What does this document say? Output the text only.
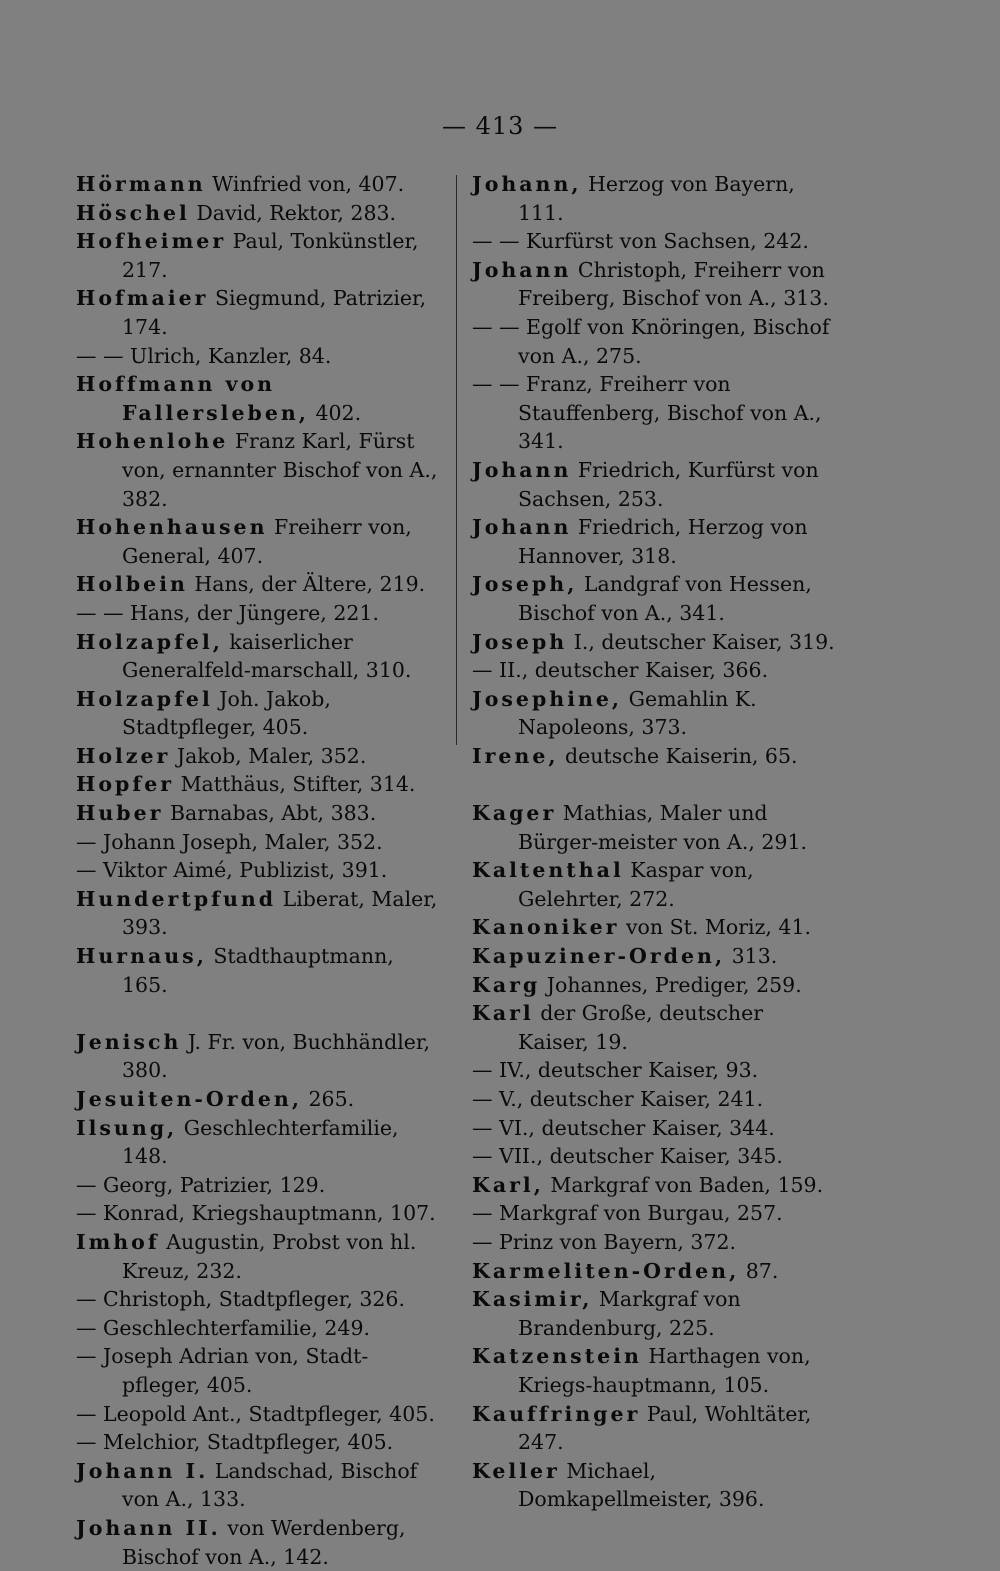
— 413 —
Hörmann Winfried von, 407.
Höschel David, Rektor, 283.
Hofheimer Paul, Tonkünstler, 217.
Hofmaier Siegmund, Patrizier, 174.
— — Ulrich, Kanzler, 84.
Hoffmann von Fallersleben, 402.
Hohenlohe Franz Karl, Fürst von, ernannter Bischof von A., 382.
Hohenhausen Freiherr von, General, 407.
Holbein Hans, der Ältere, 219.
— — Hans, der Jüngere, 221.
Holzapfel, kaiserlicher Generalfeld-marschall, 310.
Holzapfel Joh. Jakob, Stadtpfleger, 405.
Holzer Jakob, Maler, 352.
Hopfer Matthäus, Stifter, 314.
Huber Barnabas, Abt, 383.
— Johann Joseph, Maler, 352.
— Viktor Aimé, Publizist, 391.
Hundertpfund Liberat, Maler, 393.
Hurnaus, Stadthauptmann, 165.
Jenisch J. Fr. von, Buchhändler, 380.
Jesuiten-Orden, 265.
Ilsung, Geschlechterfamilie, 148.
— Georg, Patrizier, 129.
— Konrad, Kriegshauptmann, 107.
Imhof Augustin, Probst von hl. Kreuz, 232.
— Christoph, Stadtpfleger, 326.
— Geschlechterfamilie, 249.
— Joseph Adrian von, Stadt-pfleger, 405.
— Leopold Ant., Stadtpfleger, 405.
— Melchior, Stadtpfleger, 405.
Johann I. Landschad, Bischof von A., 133.
Johann II. von Werdenberg, Bischof von A., 142.
Johann, Herzog von Bayern, 111.
— — Kurfürst von Sachsen, 242.
Johann Christoph, Freiherr von Freiberg, Bischof von A., 313.
— — Egolf von Knöringen, Bischof von A., 275.
— — Franz, Freiherr von Stauffenberg, Bischof von A., 341.
Johann Friedrich, Kurfürst von Sachsen, 253.
Johann Friedrich, Herzog von Hannover, 318.
Joseph, Landgraf von Hessen, Bischof von A., 341.
Joseph I., deutscher Kaiser, 319.
— II., deutscher Kaiser, 366.
Josephine, Gemahlin K. Napoleons, 373.
Irene, deutsche Kaiserin, 65.
Kager Mathias, Maler und Bürger-meister von A., 291.
Kaltenthal Kaspar von, Gelehrter, 272.
Kanoniker von St. Moriz, 41.
Kapuziner-Orden, 313.
Karg Johannes, Prediger, 259.
Karl der Große, deutscher Kaiser, 19.
— IV., deutscher Kaiser, 93.
— V., deutscher Kaiser, 241.
— VI., deutscher Kaiser, 344.
— VII., deutscher Kaiser, 345.
Karl, Markgraf von Baden, 159.
— Markgraf von Burgau, 257.
— Prinz von Bayern, 372.
Karmeliten-Orden, 87.
Kasimir, Markgraf von Brandenburg, 225.
Katzenstein Harthagen von, Kriegs-hauptmann, 105.
Kauffringer Paul, Wohltäter, 247.
Keller Michael, Domkapellmeister, 396.
